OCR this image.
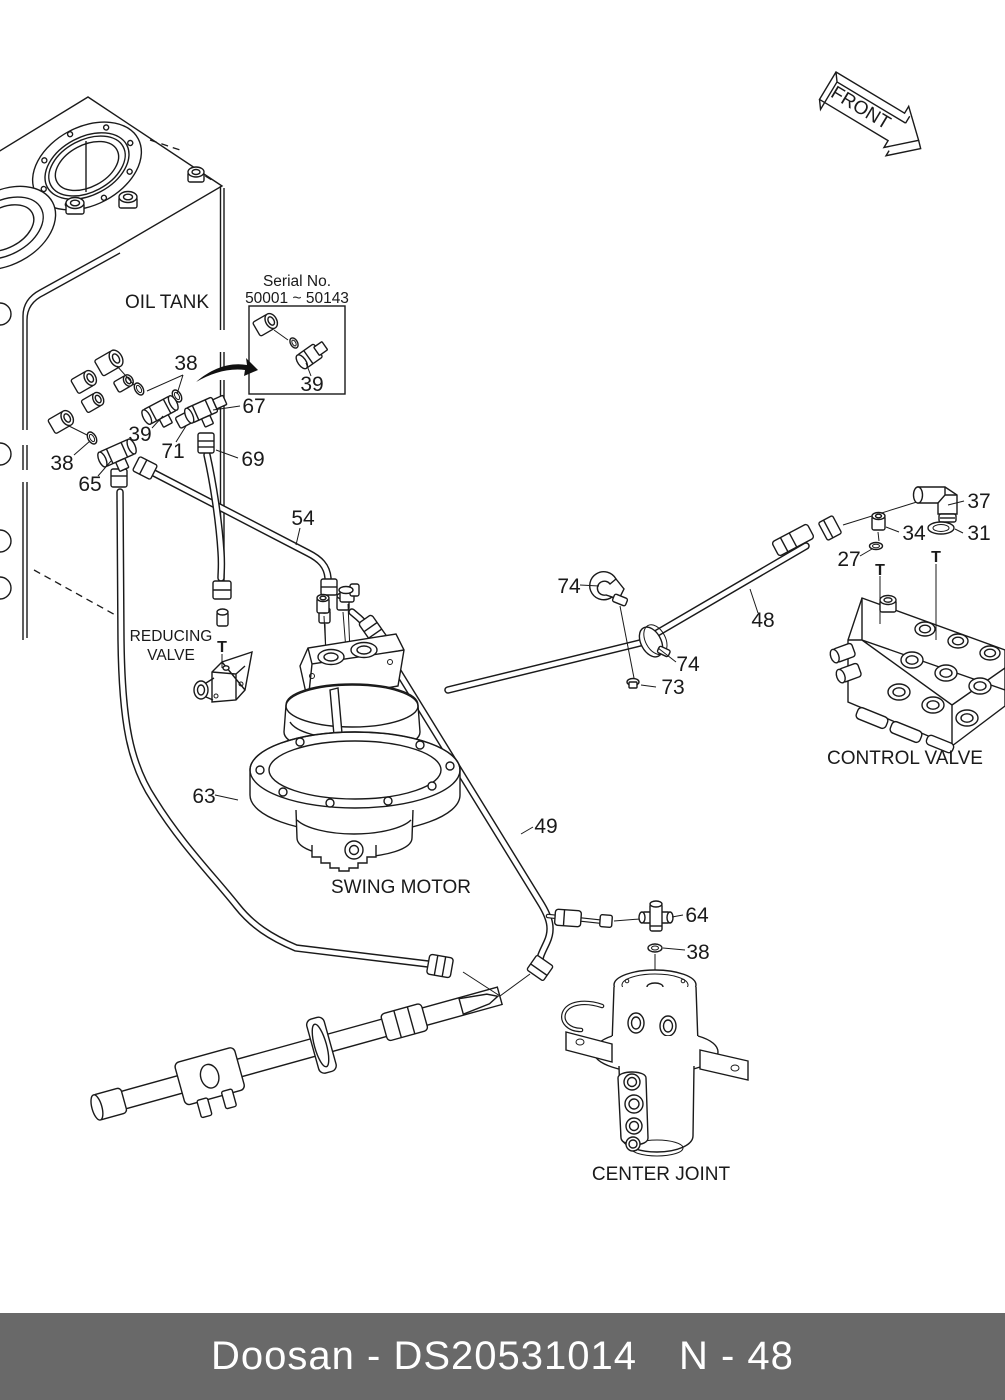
FRONT
OIL TANK
Serial No.
50001 ~ 50143
REDUCING
VALVE
SWING MOTOR
CONTROL VALVE
CENTER JOINT
38
39
71
67
69
38
65
39
54
74
74
73
48
37
34 31
27
63
49
64
38
T
T
T
Doosan - DS20531014 N - 48
